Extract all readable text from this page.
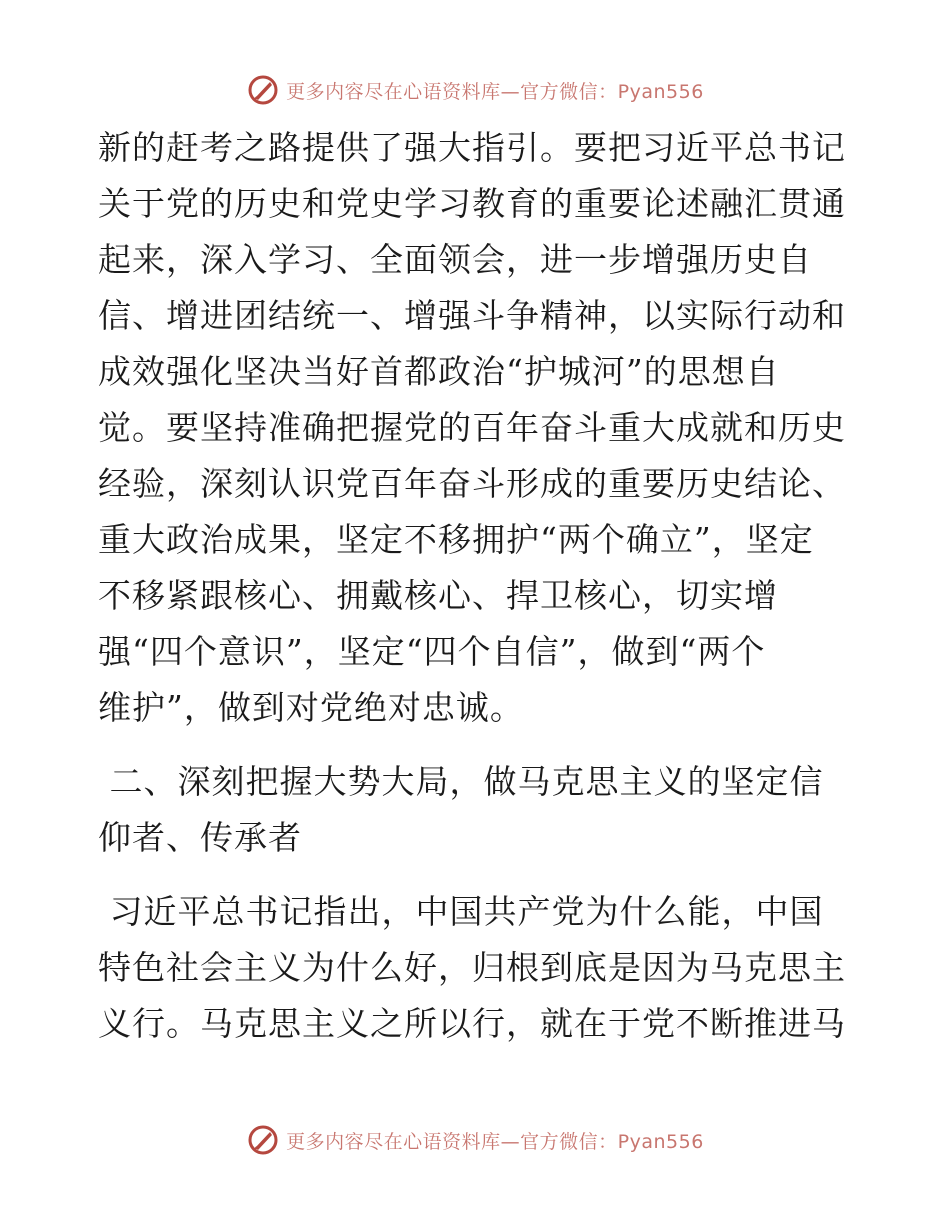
更多内容尽在心语资料库—官方微信：Pyan556
新的赶考之路提供了强大指引。要把习近平总书记
关于党的历史和党史学习教育的重要论述融汇贯通
起来，深入学习、全面领会，进一步增强历史自
信、增进团结统一、增强斗争精神，以实际行动和
成效强化坚决当好首都政治“护城河”的思想自
觉。要坚持准确把握党的百年奋斗重大成就和历史
经验，深刻认识党百年奋斗形成的重要历史结论、
重大政治成果，坚定不移拥护“两个确立”，坚定
不移紧跟核心、拥戴核心、捍卫核心，切实增
强“四个意识”，坚定“四个自信”，做到“两个
维护”，做到对党绝对忠诚。
二、深刻把握大势大局，做马克思主义的坚定信
仰者、传承者
习近平总书记指出，中国共产党为什么能，中国
特色社会主义为什么好，归根到底是因为马克思主
义行。马克思主义之所以行，就在于党不断推进马
更多内容尽在心语资料库—官方微信：Pyan556
